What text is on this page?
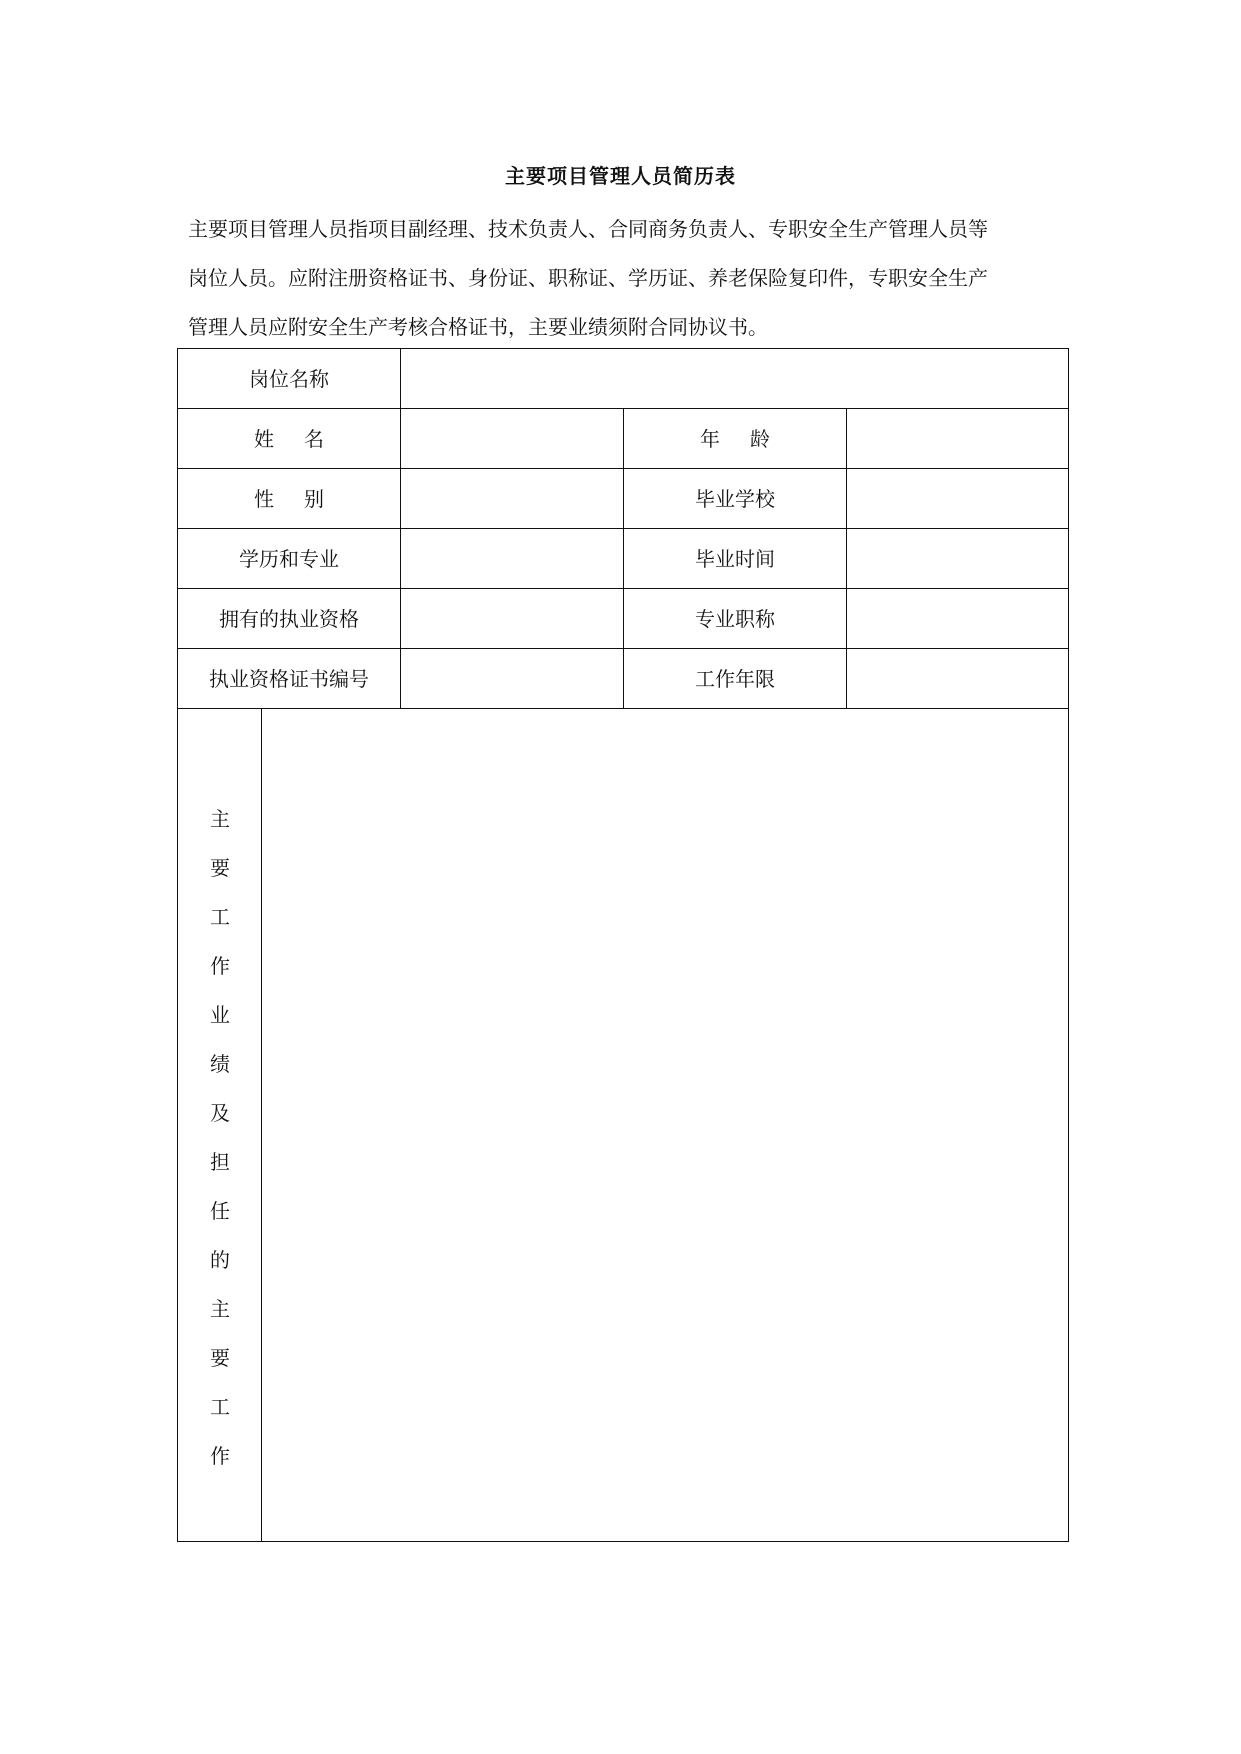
主要项目管理人员简历表

主要项目管理人员指项目副经理、技术负责人、合同商务负责人、专职安全生产管理人员等
岗位人员。应附注册资格证书、身份证、职称证、学历证、养老保险复印件，专职安全生产
管理人员应附安全生产考核合格证书，主要业绩须附合同协议书。

岗位名称
姓名	年龄
性别	毕业学校
学历和专业	毕业时间
拥有的执业资格	专业职称
执业资格证书编号	工作年限
主
要
工
作
业
绩
及
担
任
的
主
要
工
作
